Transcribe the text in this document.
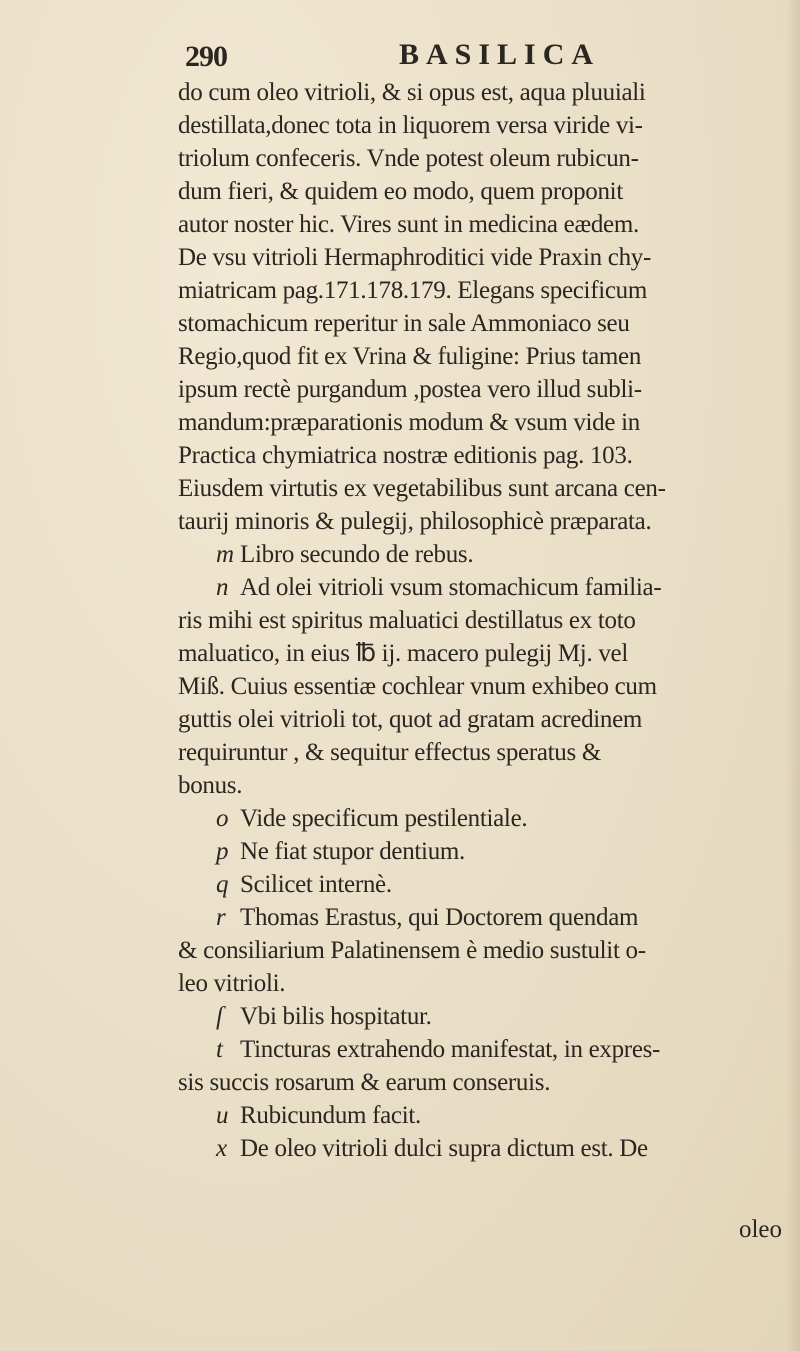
290	BASILICA
do cum oleo vitrioli, & si opus est, aqua pluuiali
destillata,donec tota in liquorem versa viride vi-
triolum confeceris. Vnde potest oleum rubicun-
dum fieri, & quidem eo modo, quem proponit
autor noster hic. Vires sunt in medicina eædem.
De vsu vitrioli Hermaphroditici vide Praxin chy-
miatricam pag.171.178.179. Elegans specificum
stomachicum reperitur in sale Ammoniaco seu
Regio,quod fit ex Vrina & fuligine: Prius tamen
ipsum rectè purgandum ,postea vero illud subli-
mandum:præparationis modum & vsum vide in
Practica chymiatrica nostræ editionis pag. 103.
Eiusdem virtutis ex vegetabilibus sunt arcana cen-
taurij minoris & pulegij, philosophicè præparata.
m Libro secundo de rebus.
n Ad olei vitrioli vsum stomachicum familia-
ris mihi est spiritus maluatici destillatus ex toto
maluatico, in eius ℔ ij. macero pulegij Mj. vel
Miß. Cuius essentiæ cochlear vnum exhibeo cum
guttis olei vitrioli tot, quot ad gratam acredinem
requiruntur , & sequitur effectus speratus &
bonus.
o Vide specificum pestilentiale.
p Ne fiat stupor dentium.
q Scilicet internè.
r Thomas Erastus, qui Doctorem quendam
& consiliarium Palatinensem è medio sustulit o-
leo vitrioli.
ſ Vbi bilis hospitatur.
t Tincturas extrahendo manifestat, in expres-
sis succis rosarum & earum conseruis.
u Rubicundum facit.
x De oleo vitrioli dulci supra dictum est. De
oleo
